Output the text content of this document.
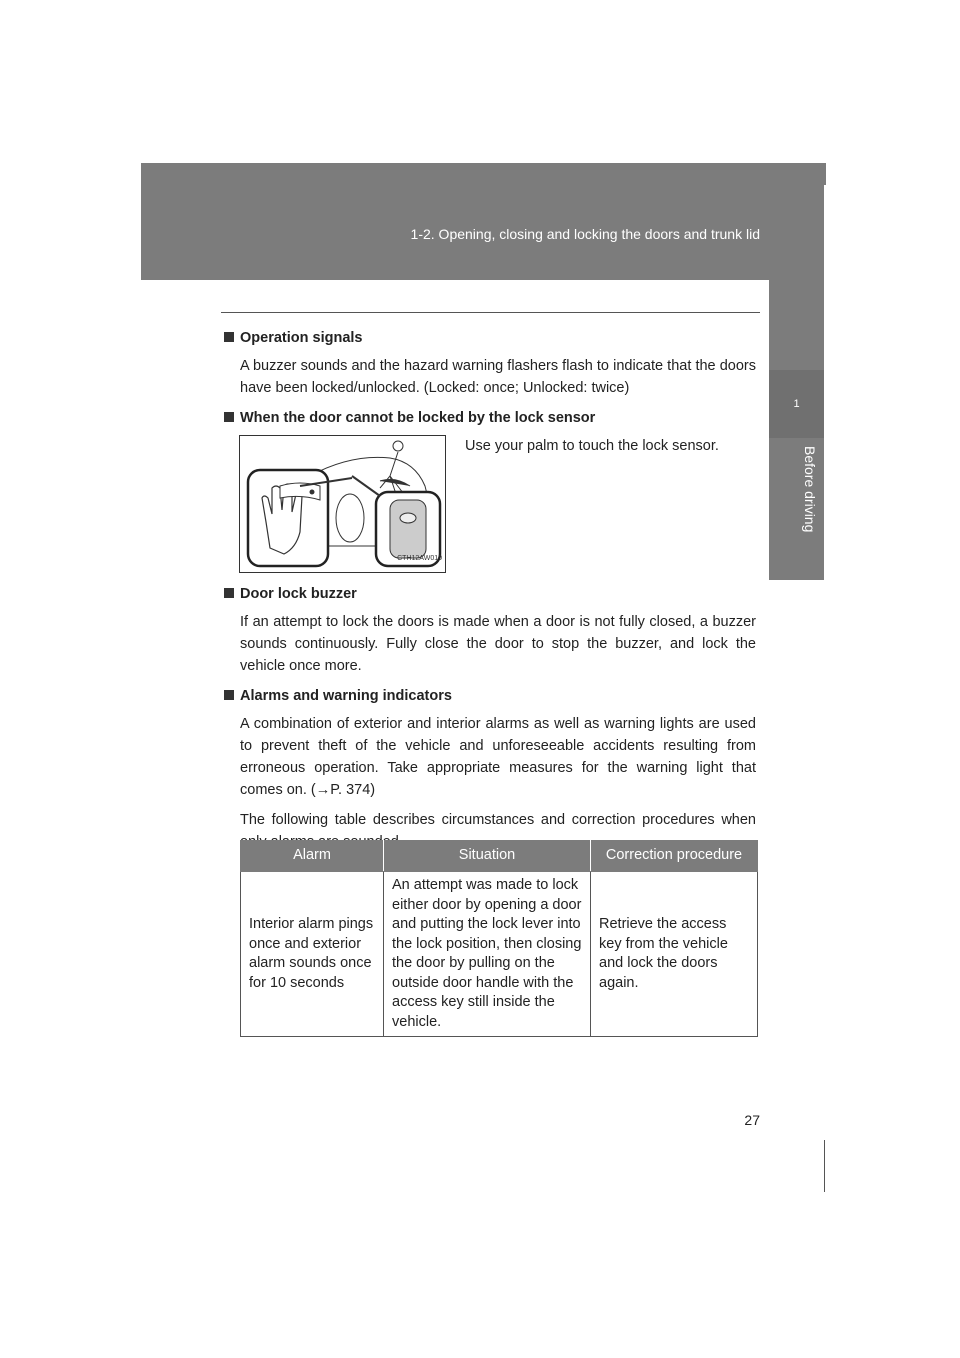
1-2. Opening, closing and locking the doors and trunk lid
1
Before driving

Operation signals

A buzzer sounds and the hazard warning flashers flash to indicate that the doors have been locked/unlocked. (Locked: once; Unlocked: twice)

When the door cannot be locked by the lock sensor

CTH12AW010
Use your palm to touch the lock sensor.

Door lock buzzer

If an attempt to lock the doors is made when a door is not fully closed, a buzzer sounds continuously. Fully close the door to stop the buzzer, and lock the vehicle once more.

Alarms and warning indicators

A combination of exterior and interior alarms as well as warning lights are used to prevent theft of the vehicle and unforeseeable accidents resulting from erroneous operation. Take appropriate measures for the warning light that comes on. (→P. 374)

The following table describes circumstances and correction procedures when

Alarm	Situation	Correction procedure
Interior alarm pings once and exterior alarm sounds once for 10 seconds	An attempt was made to lock either door by opening a door and putting the lock lever into the lock position, then closing the door by pulling on the outside door handle with the access key still inside the vehicle.	Retrieve the access key from the vehicle and lock the doors again.
27
